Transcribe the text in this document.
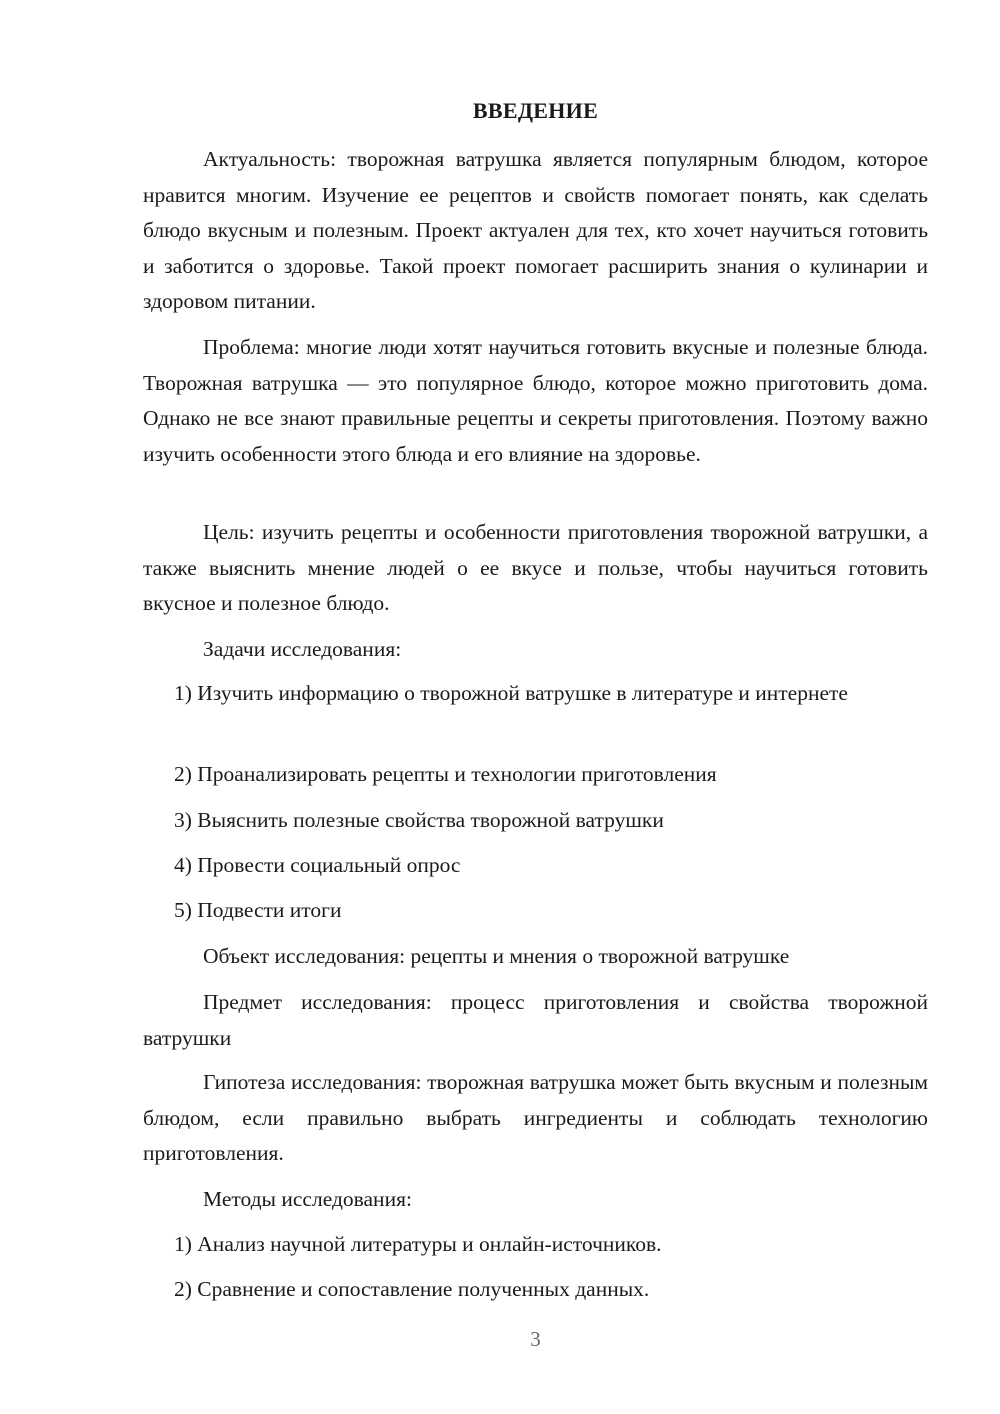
ВВЕДЕНИЕ

Актуальность: творожная ватрушка является популярным блюдом, которое нравится многим. Изучение ее рецептов и свойств помогает понять, как сделать блюдо вкусным и полезным. Проект актуален для тех, кто хочет научиться готовить и заботится о здоровье. Такой проект помогает расширить знания о кулинарии и здоровом питании.

Проблема: многие люди хотят научиться готовить вкусные и полезные блюда. Творожная ватрушка — это популярное блюдо, которое можно приготовить дома. Однако не все знают правильные рецепты и секреты приготовления. Поэтому важно изучить особенности этого блюда и его влияние на здоровье.

Цель: изучить рецепты и особенности приготовления творожной ватрушки, а также выяснить мнение людей о ее вкусе и пользе, чтобы научиться готовить вкусное и полезное блюдо.

Задачи исследования:

1) Изучить информацию о творожной ватрушке в литературе и интернете

2) Проанализировать рецепты и технологии приготовления

3) Выяснить полезные свойства творожной ватрушки

4) Провести социальный опрос

5) Подвести итоги

Объект исследования: рецепты и мнения о творожной ватрушке

Предмет исследования: процесс приготовления и свойства творожной ватрушки

Гипотеза исследования: творожная ватрушка может быть вкусным и полезным блюдом, если правильно выбрать ингредиенты и соблюдать технологию приготовления.

Методы исследования:

1) Анализ научной литературы и онлайн-источников.

2) Сравнение и сопоставление полученных данных.

3
